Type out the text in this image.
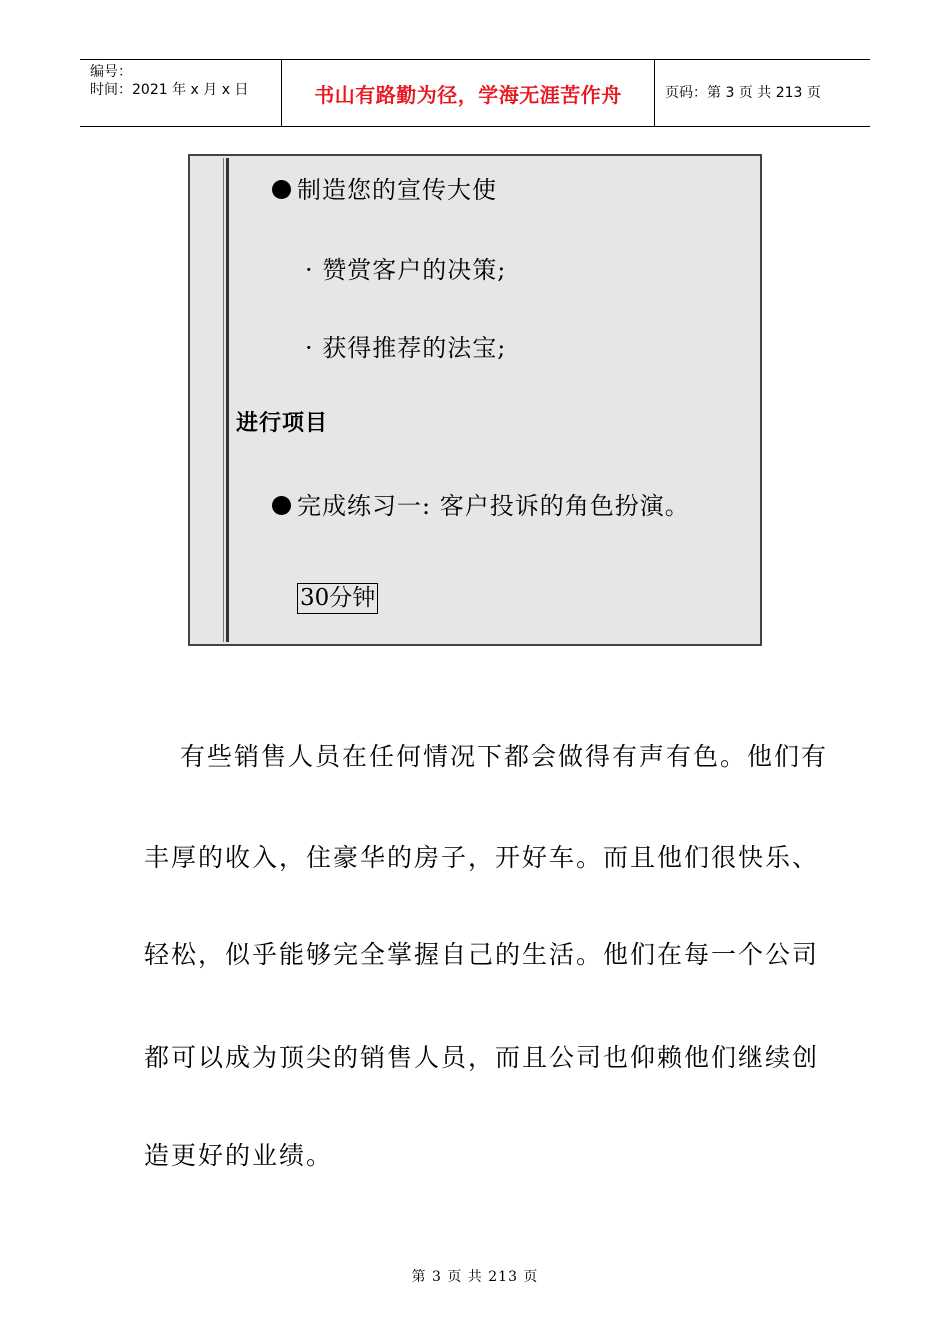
编号：
时间：2021 年 x 月 x 日	书山有路勤为径，学海无涯苦作舟	页码：第 3 页 共 213 页
制造您的宣传大使
· 赞赏客户的决策;
· 获得推荐的法宝;
进行项目
完成练习一: 客户投诉的角色扮演。
30分钟
有些销售人员在任何情况下都会做得有声有色。他们有
丰厚的收入，住豪华的房子，开好车。而且他们很快乐、
轻松，似乎能够完全掌握自己的生活。他们在每一个公司
都可以成为顶尖的销售人员，而且公司也仰赖他们继续创
造更好的业绩。
第 3 页 共 213 页
